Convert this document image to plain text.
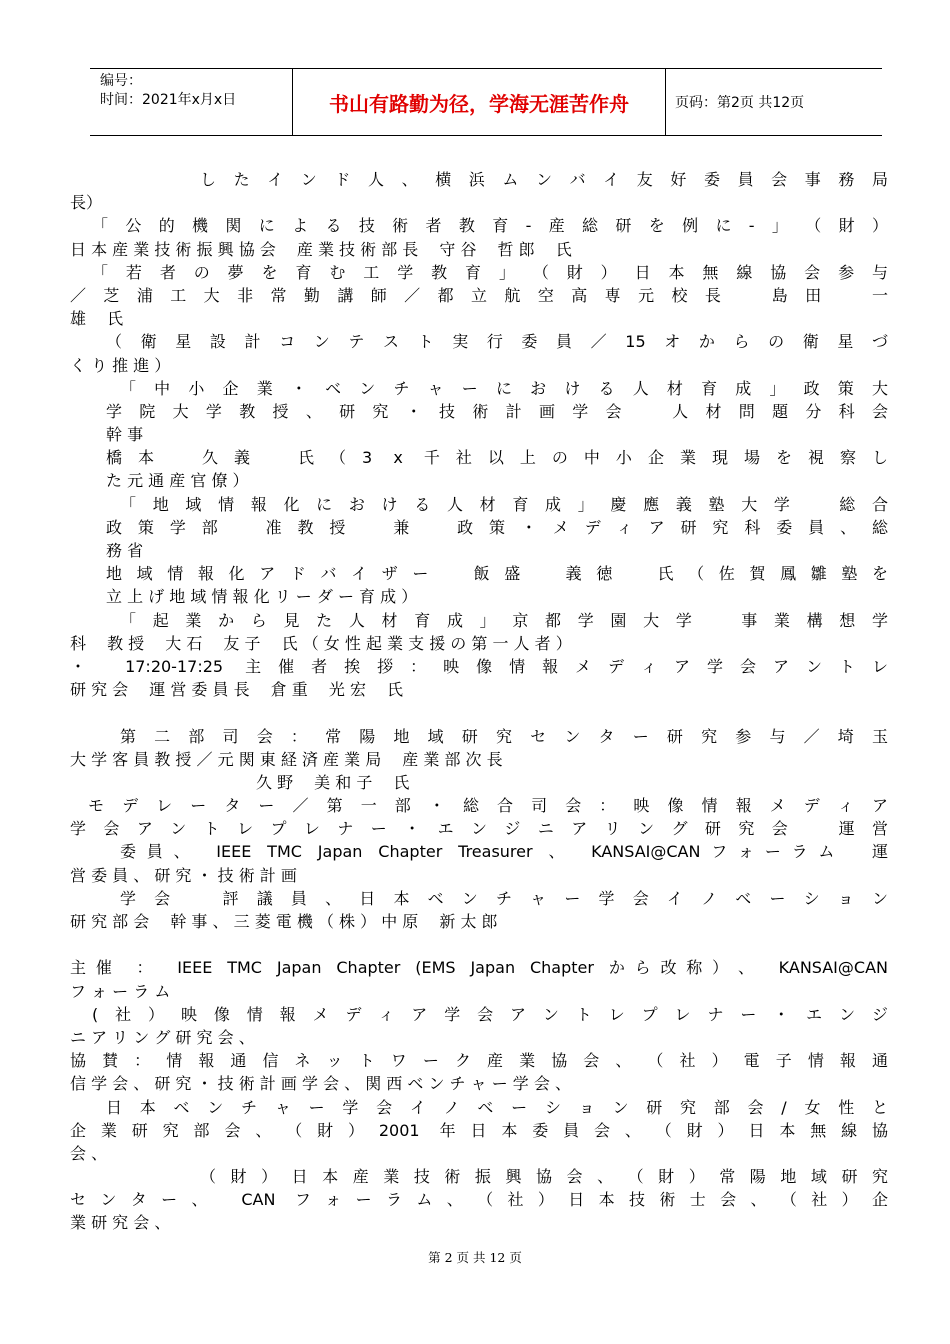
编号：
时间：2021年x月x日	书山有路勤为径，学海无涯苦作舟	页码：第2页 共12页
し​た​イ​ン​ド​人​、​横​浜​ム​ン​バ​イ​友​好​委​員​会​事​務​局
長）
「​公​的​機​関​に​よ​る​技​術​者​教​育​-​産​総​研​を​例​に​-​」​（​財​）
日 本 産 業 技 術 振 興 協 会　 産 業 技 術 部 長　 守 谷　 哲 郎　 氏
「​若​者​の​夢​を​育​む​工​学​教​育​」​（​財​）​日​本​無​線​協​会​参​与
／​芝​浦​工​大​非​常​勤​講​師​／​都​立​航​空​高​専​元​校​長​　​島​田​　​一
雄　 氏
（​衛​星​設​計​コ​ン​テ​ス​ト​実​行​委​員​／​1​5​オ​か​ら​の​衛​星​づ
く り 推 進 ）
「​中​小​企​業​・​ベ​ン​チ​ャ​ー​に​お​け​る​人​材​育​成​」​政​策​大
学​院​大​学​教​授​、​研​究​・​技​術​計​画​学​会​　​人​材​問​題​分​科​会
幹 事
橋​本​　​久​義​　​氏​（​3​ ​x​ ​千​社​以​上​の​中​小​企​業​現​場​を​視​察​し
た 元 通 産 官 僚 ）
「​地​域​情​報​化​に​お​け​る​人​材​育​成​」​慶​應​義​塾​大​学​　​総​合
政​策​学​部​　​准​教​授​　​兼​　​政​策​・​メ​デ​ィ​ア​研​究​科​委​員​、​総
務 省
地​域​情​報​化​ア​ド​バ​イ​ザ​ー​　​飯​盛​　​義​徳​　​氏​（​佐​賀​鳳​雛​塾​を
立 上 げ 地 域 情 報 化 リ ー ダ ー 育 成 ）
「​起​業​か​ら​見​た​人​材​育​成​」​京​都​学​園​大​学​　​事​業​構​想​学
科　 教 授　 大 石　 友 子　 氏 （ 女 性 起 業 支 援 の 第 一 人 者 ）
・​ ​1​7​:​2​0​-​1​7​:​2​5​ ​主​催​者​挨​拶​：​映​像​情​報​メ​デ​ィ​ア​学​会​ア​ン​ト​レ
研 究 会　 運 営 委 員 長　 倉 重　 光 宏　 氏
第​二​部​司​会​：​常​陽​地​域​研​究​セ​ン​タ​ー​研​究​参​与​／​埼​玉
大 学 客 員 教 授 ／ 元 関 東 経 済 産 業 局　 産 業 部 次 長
久 野　 美 和 子　 氏
モ​デ​レ​ー​タ​ー​／​第​一​部​・​総​合​司​会​：​映​像​情​報​メ​デ​ィ​ア
学​会​ア​ン​ト​レ​プ​レ​ナ​ー​・​エ​ン​ジ​ニ​ア​リ​ン​グ​研​究​会​　​運​営
委​員​、​ ​I​E​E​E​ ​T​M​C​ ​J​a​p​a​n​ ​C​h​a​p​t​e​r​ ​T​r​e​a​s​u​r​e​r​ ​、​ ​K​A​N​S​A​I​@​C​A​N​フ​ォ​ー​ラ​ム​　​運
営 委 員 、 研 究 ・ 技 術 計 画
学​会​　​評​議​員​、​日​本​ベ​ン​チ​ャ​ー​学​会​イ​ノ​ベ​ー​シ​ョ​ン
研 究 部 会　 幹 事 、 三 菱 電 機 （ 株 ） 中 原　 新 太 郎
主​催​ ​：​ ​I​E​E​E​ ​T​M​C​ ​J​a​p​a​n​ ​C​h​a​p​t​e​r​ ​(​E​M​S​ ​J​a​p​a​n​ ​C​h​a​p​t​e​r​ ​か​ら​改​称​）​、​ ​K​A​N​S​A​I​@​C​A​N
フ ォ ー ラ ム
(​社​）​映​像​情​報​メ​デ​ィ​ア​学​会​ア​ン​ト​レ​プ​レ​ナ​ー​・​エ​ン​ジ
ニ ア リ ン グ 研 究 会 、
協​賛​：​情​報​通​信​ネ​ッ​ト​ワ​ー​ク​産​業​協​会​、​（​社​）​電​子​情​報​通
信 学 会 、 研 究 ・ 技 術 計 画 学 会 、 関 西 ベ ン チ ャ ー 学 会 、
日​本​ベ​ン​チ​ャ​ー​学​会​イ​ノ​ベ​ー​シ​ョ​ン​研​究​部​会​/​女​性​と
企​業​研​究​部​会​、​（​財​）​2​0​0​1​ ​年​日​本​委​員​会​、​（​財​）​日​本​無​線​協
会 、
（​財​）​日​本​産​業​技​術​振​興​協​会​、​（​財​）​常​陽​地​域​研​究
セ​ン​タ​ー​、​ ​C​A​N​ ​フ​ォ​ー​ラ​ム​、​（​社​）​日​本​技​術​士​会​、​（​社​）​企
業 研 究 会 、
第 2 页 共 12 页
